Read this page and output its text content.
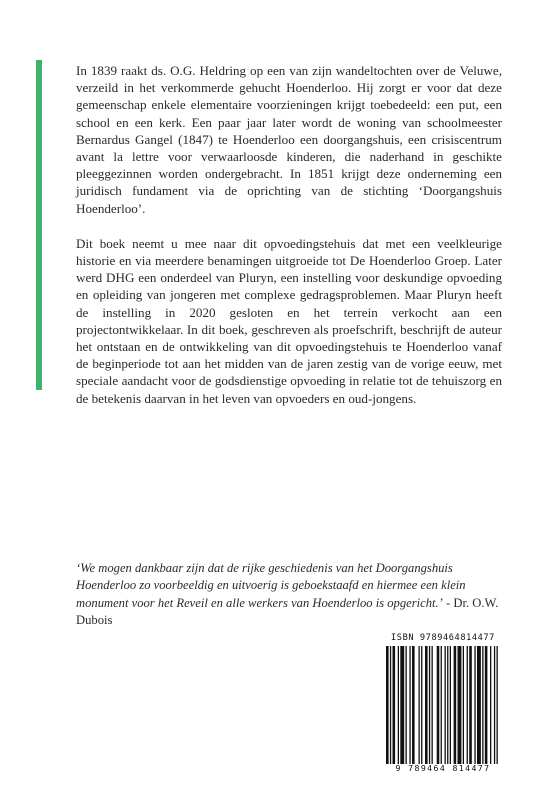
In 1839 raakt ds. O.G. Heldring op een van zijn wandeltochten over de Veluwe, verzeild in het verkommerde gehucht Hoenderloo. Hij zorgt er voor dat deze gemeenschap enkele elementaire voorzieningen krijgt toebedeeld: een put, een school en een kerk. Een paar jaar later wordt de woning van schoolmeester Bernardus Gangel (1847) te Hoenderloo een doorgangshuis, een crisiscentrum avant la lettre voor verwaarloosde kinderen, die naderhand in geschikte pleeggezinnen worden ondergebracht. In 1851 krijgt deze onderneming een juridisch fundament via de oprichting van de stichting ‘Doorgangshuis Hoenderloo’.

Dit boek neemt u mee naar dit opvoedingstehuis dat met een veelkleurige historie en via meerdere benamingen uitgroeide tot De Hoenderloo Groep. Later werd DHG een onderdeel van Pluryn, een instelling voor deskundige opvoeding en opleiding van jongeren met complexe gedragsproblemen. Maar Pluryn heeft de instelling in 2020 gesloten en het terrein verkocht aan een projectontwikkelaar. In dit boek, geschreven als proefschrift, beschrijft de auteur het ontstaan en de ontwikkeling van dit opvoedingstehuis te Hoenderloo vanaf de beginperiode tot aan het midden van de jaren zestig van de vorige eeuw, met speciale aandacht voor de godsdienstige opvoeding in relatie tot de tehuiszorg en de betekenis daarvan in het leven van opvoeders en oud-jongens.

‘We mogen dankbaar zijn dat de rijke geschiedenis van het Doorgangshuis Hoenderloo zo voorbeeldig en uitvoerig is geboekstaafd en hiermee een klein monument voor het Reveil en alle werkers van Hoenderloo is opgericht.’ - Dr. O.W. Dubois

ISBN 9789464814477
9 789464 814477
